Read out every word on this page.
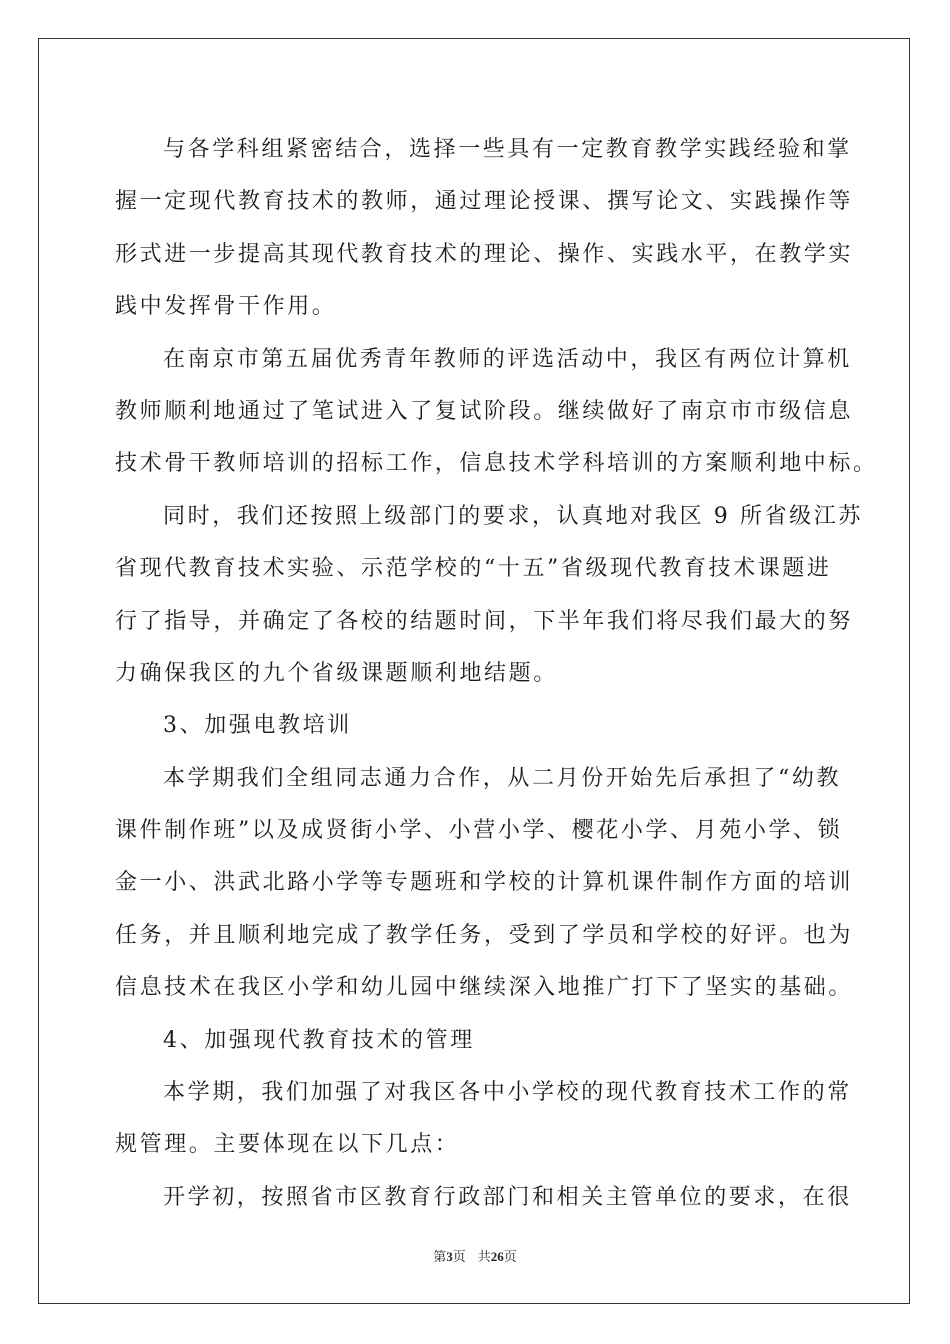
与各学科组紧密结合，选择一些具有一定教育教学实践经验和掌
握一定现代教育技术的教师，通过理论授课、撰写论文、实践操作等
形式进一步提高其现代教育技术的理论、操作、实践水平，在教学实
践中发挥骨干作用。
在南京市第五届优秀青年教师的评选活动中，我区有两位计算机
教师顺利地通过了笔试进入了复试阶段。继续做好了南京市市级信息
技术骨干教师培训的招标工作，信息技术学科培训的方案顺利地中标。
同时，我们还按照上级部门的要求，认真地对我区 9 所省级江苏
省现代教育技术实验、示范学校的“十五”省级现代教育技术课题进
行了指导，并确定了各校的结题时间，下半年我们将尽我们最大的努
力确保我区的九个省级课题顺利地结题。
3、加强电教培训
本学期我们全组同志通力合作，从二月份开始先后承担了“幼教
课件制作班”以及成贤街小学、小营小学、樱花小学、月苑小学、锁
金一小、洪武北路小学等专题班和学校的计算机课件制作方面的培训
任务，并且顺利地完成了教学任务，受到了学员和学校的好评。也为
信息技术在我区小学和幼儿园中继续深入地推广打下了坚实的基础。
4、加强现代教育技术的管理
本学期，我们加强了对我区各中小学校的现代教育技术工作的常
规管理。主要体现在以下几点：
开学初，按照省市区教育行政部门和相关主管单位的要求，在很
第3页 共26页
